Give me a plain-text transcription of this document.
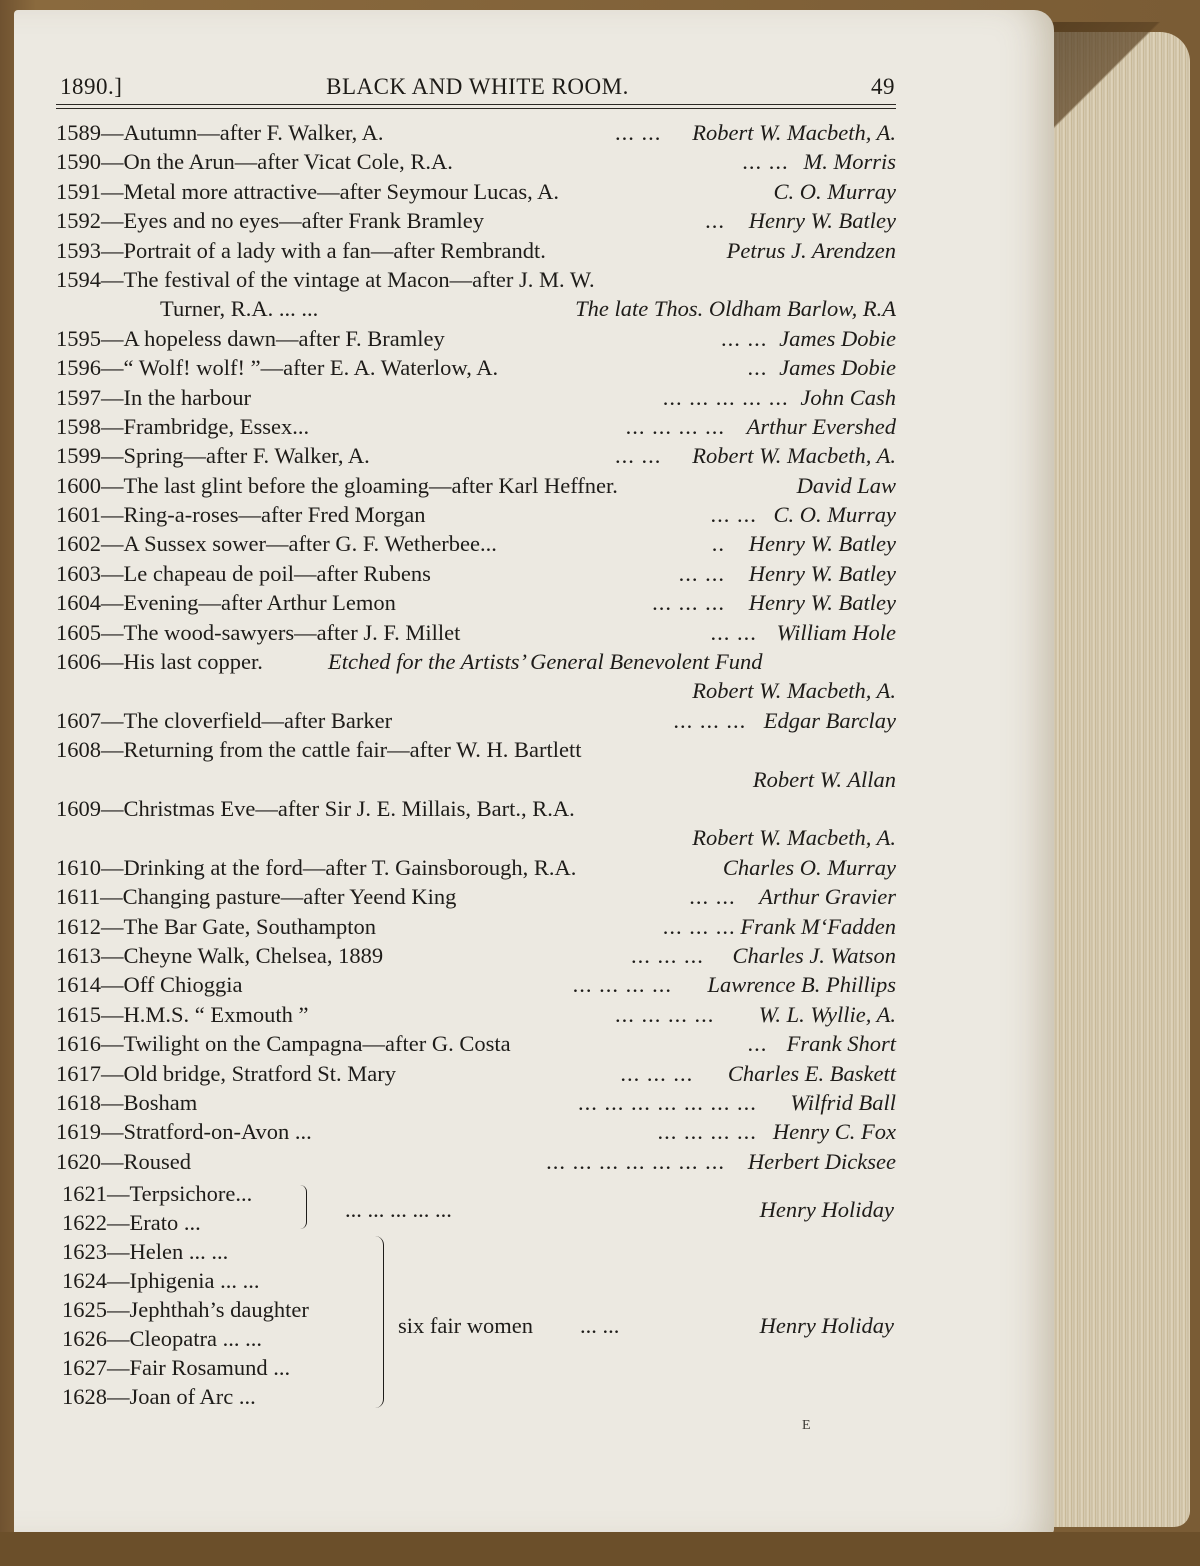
1890.]	BLACK AND WHITE ROOM.	49
1589—Autumn—after F. Walker, A.	... ... Robert W. Macbeth, A.
1590—On the Arun—after Vicat Cole, R.A.	... ... M. Morris
1591—Metal more attractive—after Seymour Lucas, A.	C. O. Murray
1592—Eyes and no eyes—after Frank Bramley	... Henry W. Batley
1593—Portrait of a lady with a fan—after Rembrandt.	Petrus J. Arendzen
1594—The festival of the vintage at Macon—after J. M. W.
Turner, R.A. ... ...	The late Thos. Oldham Barlow, R.A
1595—A hopeless dawn—after F. Bramley	... ... James Dobie
1596—“ Wolf! wolf! ”—after E. A. Waterlow, A.	... James Dobie
1597—In the harbour	... ... ... ... ... John Cash
1598—Frambridge, Essex...	... ... ... ... Arthur Evershed
1599—Spring—after F. Walker, A.	... ... Robert W. Macbeth, A.
1600—The last glint before the gloaming—after Karl Heffner.	David Law
1601—Ring-a-roses—after Fred Morgan	... ... C. O. Murray
1602—A Sussex sower—after G. F. Wetherbee...	.. Henry W. Batley
1603—Le chapeau de poil—after Rubens	... ... Henry W. Batley
1604—Evening—after Arthur Lemon	... ... ... Henry W. Batley
1605—The wood-sawyers—after J. F. Millet	... ... William Hole
1606—His last copper.	Etched for the Artists’ General Benevolent Fund
Robert W. Macbeth, A.
1607—The cloverfield—after Barker	... ... ... Edgar Barclay
1608—Returning from the cattle fair—after W. H. Bartlett
Robert W. Allan
1609—Christmas Eve—after Sir J. E. Millais, Bart., R.A.
Robert W. Macbeth, A.
1610—Drinking at the ford—after T. Gainsborough, R.A.	Charles O. Murray
1611—Changing pasture—after Yeend King	... ... Arthur Gravier
1612—The Bar Gate, Southampton	... ... ... Frank M‘Fadden
1613—Cheyne Walk, Chelsea, 1889	... ... ... Charles J. Watson
1614—Off Chioggia	... ... ... ... Lawrence B. Phillips
1615—H.M.S. “ Exmouth ”	... ... ... ... W. L. Wyllie, A.
1616—Twilight on the Campagna—after G. Costa	... Frank Short
1617—Old bridge, Stratford St. Mary	... ... ... Charles E. Baskett
1618—Bosham	... ... ... ... ... ... ... Wilfrid Ball
1619—Stratford-on-Avon ...	... ... ... ... Henry C. Fox
1620—Roused	... ... ... ... ... ... ... Herbert Dicksee
1621—Terpsichore...
1622—Erato ...
... ... ... ... ...	Henry Holiday
1623—Helen ... ...
1624—Iphigenia ... ...
1625—Jephthah’s daughter
1626—Cleopatra ... ...
1627—Fair Rosamund ...
1628—Joan of Arc ...
six fair women ... ...	Henry Holiday
E
